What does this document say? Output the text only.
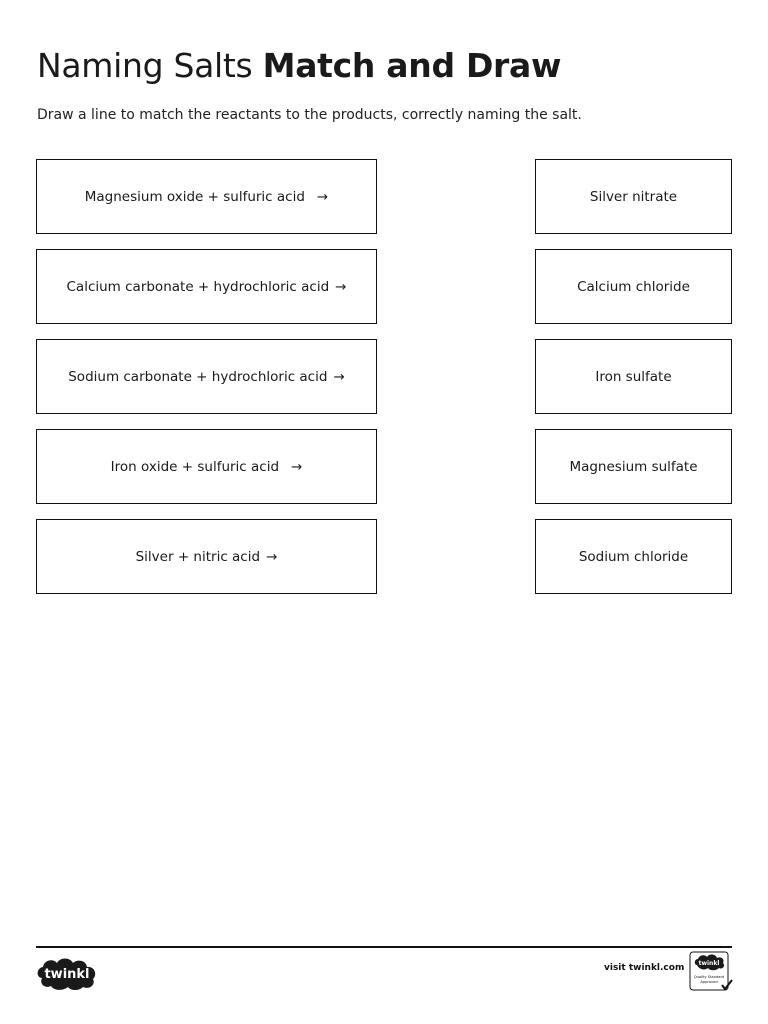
Naming Salts Match and Draw

Draw a line to match the reactants to the products, correctly naming the salt.

Magnesium oxide + sulfuric acid →
Calcium carbonate + hydrochloric acid →
Sodium carbonate + hydrochloric acid →
Iron oxide + sulfuric acid →
Silver + nitric acid →
Silver nitrate
Calcium chloride
Iron sulfate
Magnesium sulfate
Sodium chloride
twinkl	visit twinkl.com twinkl
Quality Standard
Approved
